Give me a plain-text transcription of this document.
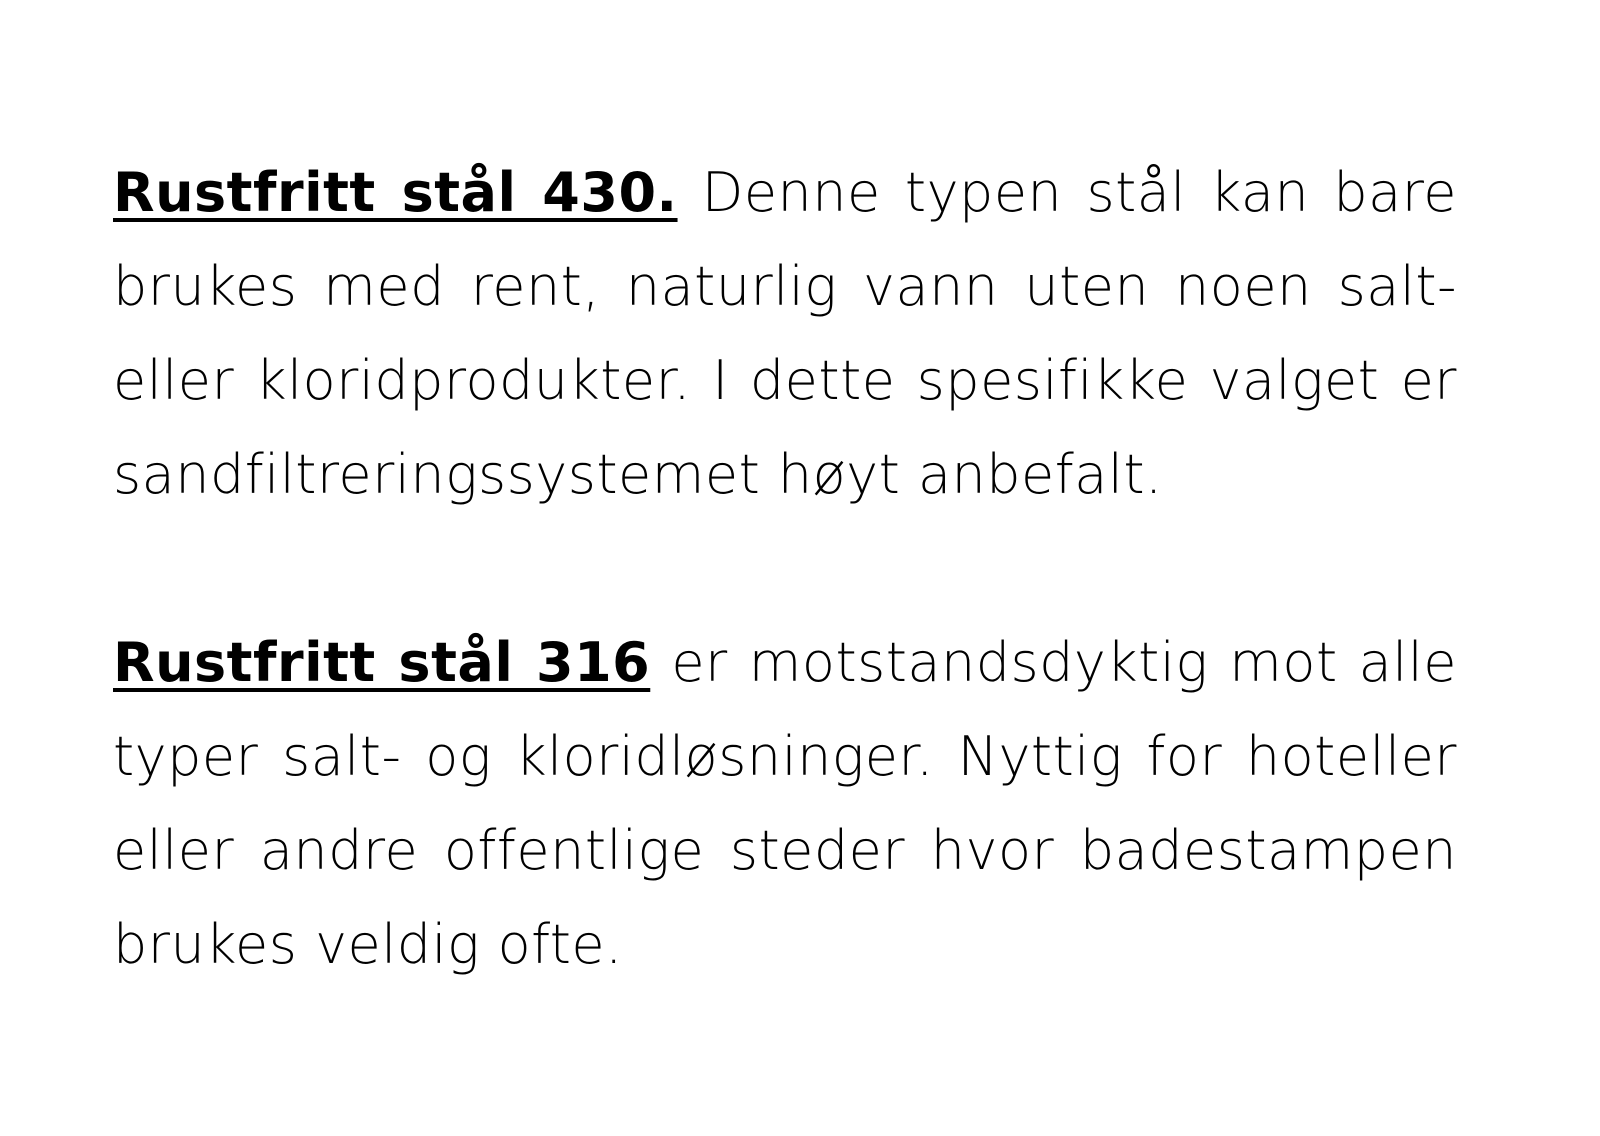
Rustfritt stål 430. Denne typen stål kan bare brukes med rent, naturlig vann uten noen salt- eller kloridprodukter. I dette spesifikke valget er sandfiltreringssystemet høyt anbefalt.

Rustfritt stål 316 er motstandsdyktig mot alle typer salt- og kloridløsninger. Nyttig for hoteller eller andre offentlige steder hvor badestampen brukes veldig ofte.
